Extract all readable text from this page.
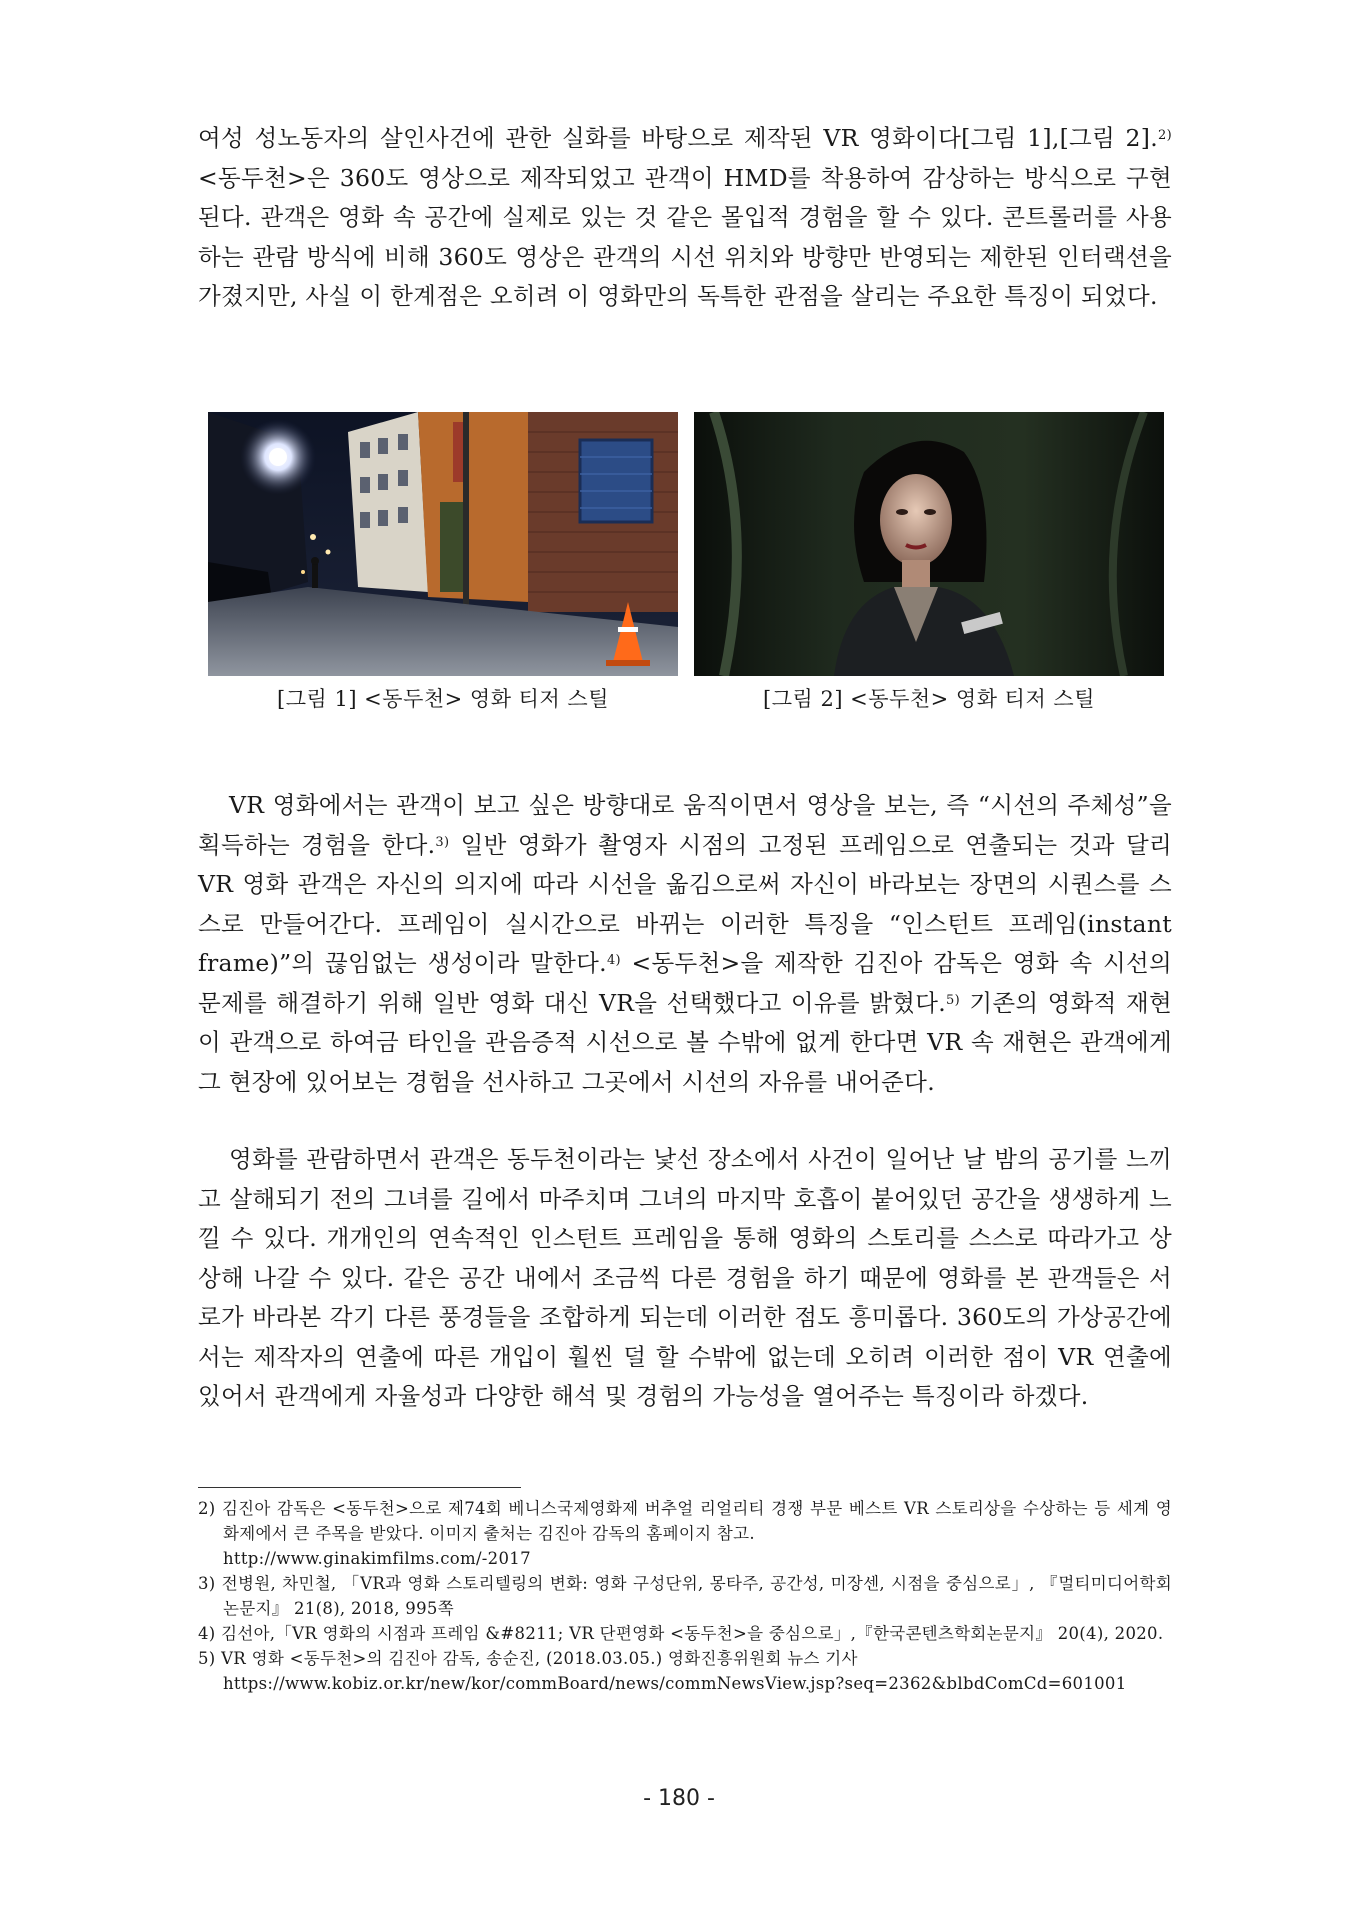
여성 성노동자의 살인사건에 관한 실화를 바탕으로 제작된 VR 영화이다[그림 1],[그림 2].$^{2)}$ <동두천>은 360도 영상으로 제작되었고 관객이 HMD를 착용하여 감상하는 방식으로 구현된다. 관객은 영화 속 공간에 실제로 있는 것 같은 몰입적 경험을 할 수 있다. 콘트롤러를 사용하는 관람 방식에 비해 360도 영상은 관객의 시선 위치와 방향만 반영되는 제한된 인터랙션을 가졌지만, 사실 이 한계점은 오히려 이 영화만의 독특한 관점을 살리는 주요한 특징이 되었다.

[그림 1] <동두천> 영화 티저 스틸	[그림 2] <동두천> 영화 티저 스틸

VR 영화에서는 관객이 보고 싶은 방향대로 움직이면서 영상을 보는, 즉 “시선의 주체성”을 획득하는 경험을 한다.$^{3)}$ 일반 영화가 촬영자 시점의 고정된 프레임으로 연출되는 것과 달리 VR 영화 관객은 자신의 의지에 따라 시선을 옮김으로써 자신이 바라보는 장면의 시퀀스를 스스로 만들어간다. 프레임이 실시간으로 바뀌는 이러한 특징을 “인스턴트 프레임(instant frame)”의 끊임없는 생성이라 말한다.$^{4)}$ <동두천>을 제작한 김진아 감독은 영화 속 시선의 문제를 해결하기 위해 일반 영화 대신 VR을 선택했다고 이유를 밝혔다.$^{5)}$ 기존의 영화적 재현이 관객으로 하여금 타인을 관음증적 시선으로 볼 수밖에 없게 한다면 VR 속 재현은 관객에게 그 현장에 있어보는 경험을 선사하고 그곳에서 시선의 자유를 내어준다.

영화를 관람하면서 관객은 동두천이라는 낯선 장소에서 사건이 일어난 날 밤의 공기를 느끼고 살해되기 전의 그녀를 길에서 마주치며 그녀의 마지막 호흡이 붙어있던 공간을 생생하게 느낄 수 있다. 개개인의 연속적인 인스턴트 프레임을 통해 영화의 스토리를 스스로 따라가고 상상해 나갈 수 있다. 같은 공간 내에서 조금씩 다른 경험을 하기 때문에 영화를 본 관객들은 서로가 바라본 각기 다른 풍경들을 조합하게 되는데 이러한 점도 흥미롭다. 360도의 가상공간에서는 제작자의 연출에 따른 개입이 훨씬 덜 할 수밖에 없는데 오히려 이러한 점이 VR 연출에 있어서 관객에게 자율성과 다양한 해석 및 경험의 가능성을 열어주는 특징이라 하겠다.

2) 김진아 감독은 <동두천>으로 제74회 베니스국제영화제 버추얼 리얼리티 경쟁 부문 베스트 VR 스토리상을 수상하는 등 세계 영화제에서 큰 주목을 받았다. 이미지 출처는 김진아 감독의 홈페이지 참고.
http://www.ginakimfilms.com/-2017
3) 전병원, 차민철, 「VR과 영화 스토리텔링의 변화: 영화 구성단위, 몽타주, 공간성, 미장센, 시점을 중심으로」, 『멀티미디어학회논문지』 21(8), 2018, 995쪽
4) 김선아,「VR 영화의 시점과 프레임 &#8211; VR 단편영화 <동두천>을 중심으로」,『한국콘텐츠학회논문지』 20(4), 2020.
5) VR 영화 <동두천>의 김진아 감독, 송순진, (2018.03.05.) 영화진흥위원회 뉴스 기사
https://www.kobiz.or.kr/new/kor/commBoard/news/commNewsView.jsp?seq=2362&blbdComCd=601001
- 180 -
